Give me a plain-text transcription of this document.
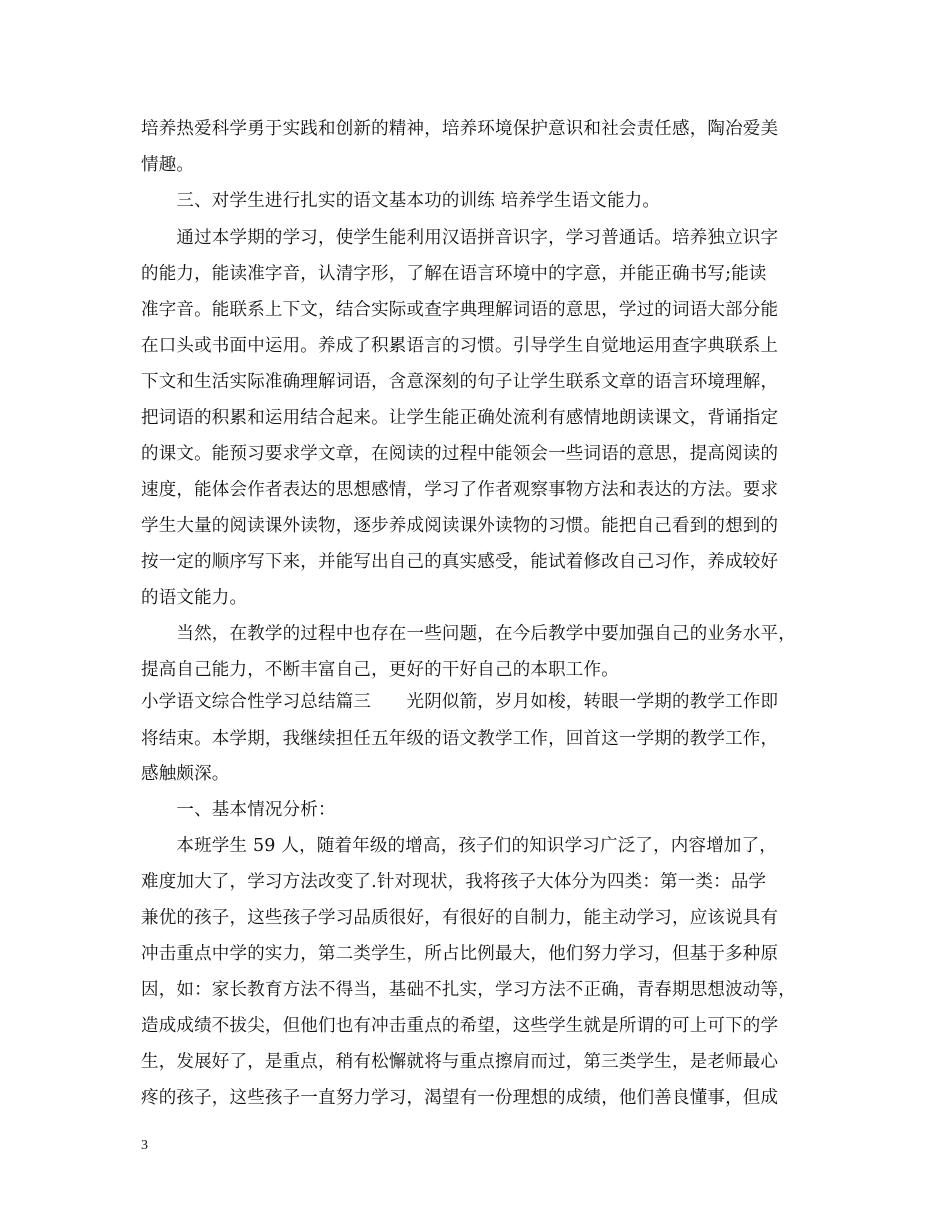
培养热爱科学勇于实践和创新的精神，培养环境保护意识和社会责任感，陶冶爱美
情趣。
　　三、对学生进行扎实的语文基本功的训练 培养学生语文能力。
　　通过本学期的学习，使学生能利用汉语拼音识字，学习普通话。培养独立识字
的能力，能读准字音，认清字形，了解在语言环境中的字意，并能正确书写;能读
准字音。能联系上下文，结合实际或查字典理解词语的意思，学过的词语大部分能
在口头或书面中运用。养成了积累语言的习惯。引导学生自觉地运用查字典联系上
下文和生活实际准确理解词语，含意深刻的句子让学生联系文章的语言环境理解，
把词语的积累和运用结合起来。让学生能正确处流利有感情地朗读课文，背诵指定
的课文。能预习要求学文章，在阅读的过程中能领会一些词语的意思，提高阅读的
速度，能体会作者表达的思想感情，学习了作者观察事物方法和表达的方法。要求
学生大量的阅读课外读物，逐步养成阅读课外读物的习惯。能把自己看到的想到的
按一定的顺序写下来，并能写出自己的真实感受，能试着修改自己习作，养成较好
的语文能力。
　　当然，在教学的过程中也存在一些问题，在今后教学中要加强自己的业务水平，
提高自己能力，不断丰富自己，更好的干好自己的本职工作。
小学语文综合性学习总结篇三　　光阴似箭，岁月如梭，转眼一学期的教学工作即
将结束。本学期，我继续担任五年级的语文教学工作，回首这一学期的教学工作，
感触颇深。
　　一、基本情况分析：
　　本班学生 59 人，随着年级的增高，孩子们的知识学习广泛了，内容增加了，
难度加大了，学习方法改变了.针对现状，我将孩子大体分为四类：第一类：品学
兼优的孩子，这些孩子学习品质很好，有很好的自制力，能主动学习，应该说具有
冲击重点中学的实力，第二类学生，所占比例最大，他们努力学习，但基于多种原
因，如：家长教育方法不得当，基础不扎实，学习方法不正确，青春期思想波动等，
造成成绩不拔尖，但他们也有冲击重点的希望，这些学生就是所谓的可上可下的学
生，发展好了，是重点，稍有松懈就将与重点擦肩而过，第三类学生，是老师最心
疼的孩子，这些孩子一直努力学习，渴望有一份理想的成绩，他们善良懂事，但成
3
